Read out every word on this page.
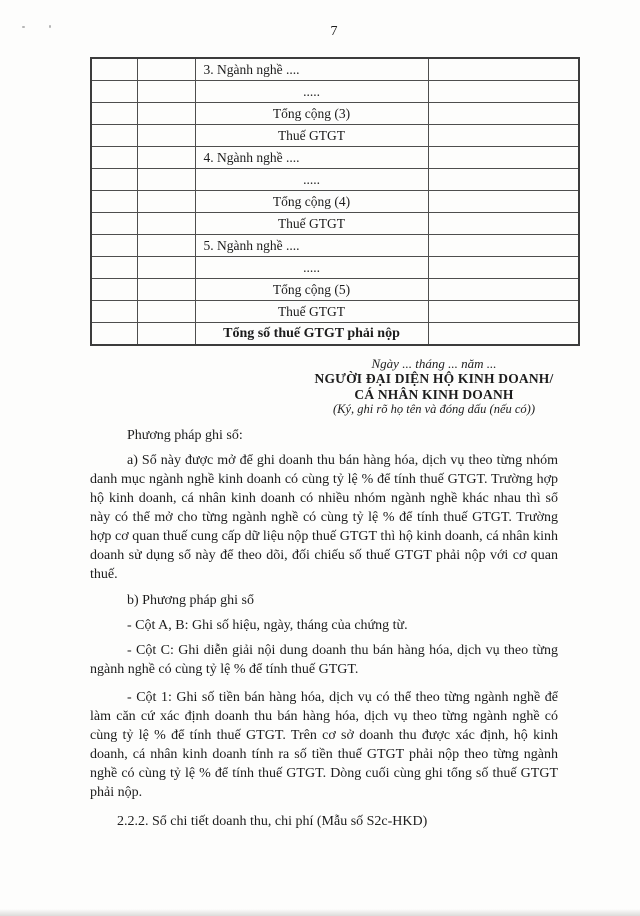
7
		3. Ngành nghề ....	
		.....	
		Tổng cộng (3)	
		Thuế GTGT	
		4. Ngành nghề ....	
		.....	
		Tổng cộng (4)	
		Thuế GTGT	
		5. Ngành nghề ....	
		.....	
		Tổng cộng (5)	
		Thuế GTGT	
		Tổng số thuế GTGT phải nộp	
Ngày ... tháng ... năm ...
NGƯỜI ĐẠI DIỆN HỘ KINH DOANH/
CÁ NHÂN KINH DOANH
(Ký, ghi rõ họ tên và đóng dấu (nếu có))

Phương pháp ghi sổ:

a) Sổ này được mở để ghi doanh thu bán hàng hóa, dịch vụ theo từng nhóm danh mục ngành nghề kinh doanh có cùng tỷ lệ % để tính thuế GTGT. Trường hợp hộ kinh doanh, cá nhân kinh doanh có nhiều nhóm ngành nghề khác nhau thì sổ này có thể mở cho từng ngành nghề có cùng tỷ lệ % để tính thuế GTGT. Trường hợp cơ quan thuế cung cấp dữ liệu nộp thuế GTGT thì hộ kinh doanh, cá nhân kinh doanh sử dụng sổ này để theo dõi, đối chiếu số thuế GTGT phải nộp với cơ quan thuế.

b) Phương pháp ghi sổ

- Cột A, B: Ghi số hiệu, ngày, tháng của chứng từ.

- Cột C: Ghi diễn giải nội dung doanh thu bán hàng hóa, dịch vụ theo từng ngành nghề có cùng tỷ lệ % để tính thuế GTGT.

- Cột 1: Ghi số tiền bán hàng hóa, dịch vụ có thể theo từng ngành nghề để làm căn cứ xác định doanh thu bán hàng hóa, dịch vụ theo từng ngành nghề có cùng tỷ lệ % để tính thuế GTGT. Trên cơ sở doanh thu được xác định, hộ kinh doanh, cá nhân kinh doanh tính ra số tiền thuế GTGT phải nộp theo từng ngành nghề có cùng tỷ lệ % để tính thuế GTGT. Dòng cuối cùng ghi tổng số thuế GTGT phải nộp.

2.2.2. Sổ chi tiết doanh thu, chi phí (Mẫu số S2c-HKD)
